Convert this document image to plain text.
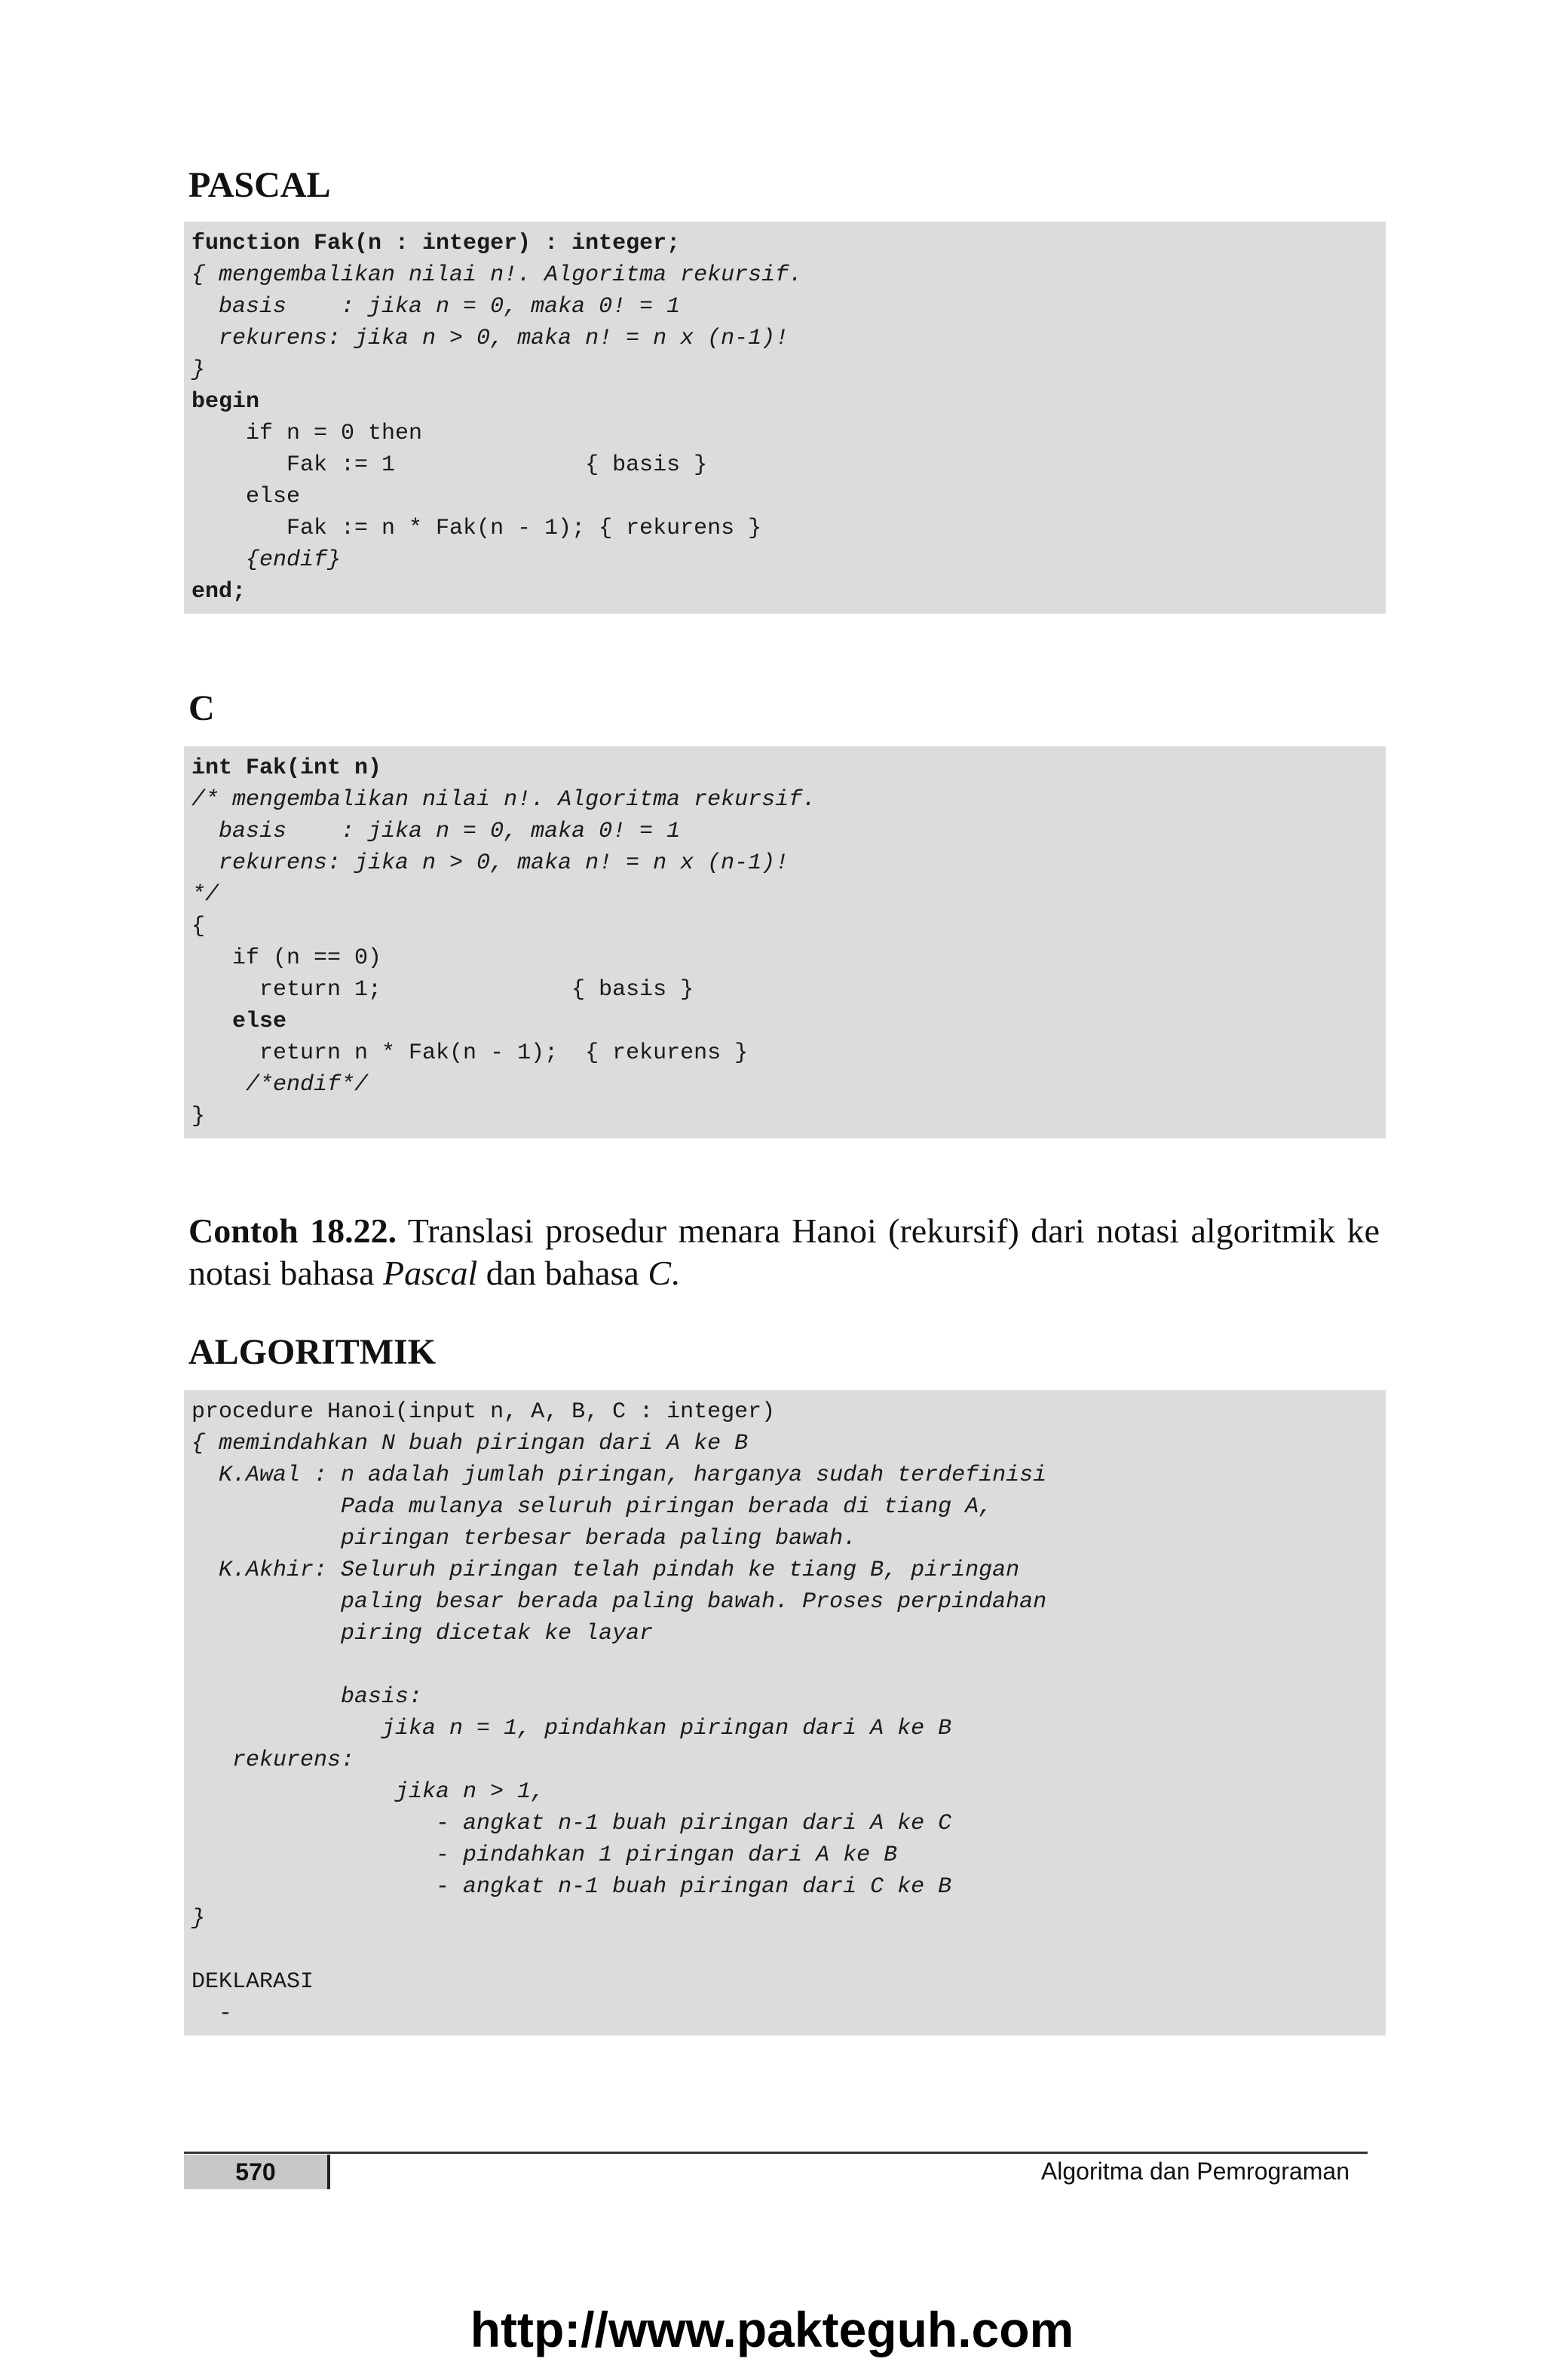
PASCAL
function Fak(n : integer) : integer;
{ mengembalikan nilai n!. Algoritma rekursif.
basis    : jika n = 0, maka 0! = 1
rekurens: jika n > 0, maka n! = n x (n-1)!
}
begin
if n = 0 then
Fak := 1              { basis }
else
Fak := n * Fak(n - 1); { rekurens }
{endif}
end;
C
int Fak(int n)
/* mengembalikan nilai n!. Algoritma rekursif.
basis    : jika n = 0, maka 0! = 1
rekurens: jika n > 0, maka n! = n x (n-1)!
*/
{
if (n == 0)
return 1;              { basis }
else
return n * Fak(n - 1);  { rekurens }
/*endif*/
}

Contoh 18.22. Translasi prosedur menara Hanoi (rekursif) dari notasi algoritmik ke notasi bahasa Pascal dan bahasa C.

ALGORITMIK
procedure Hanoi(input n, A, B, C : integer)
{ memindahkan N buah piringan dari A ke B
K.Awal : n adalah jumlah piringan, harganya sudah terdefinisi
Pada mulanya seluruh piringan berada di tiang A,
piringan terbesar berada paling bawah.
K.Akhir: Seluruh piringan telah pindah ke tiang B, piringan
paling besar berada paling bawah. Proses perpindahan
piring dicetak ke layar
basis:
jika n = 1, pindahkan piringan dari A ke B
rekurens:
jika n > 1,
- angkat n-1 buah piringan dari A ke C
- pindahkan 1 piringan dari A ke B
- angkat n-1 buah piringan dari C ke B
}
DEKLARASI
-
570	Algoritma dan Pemrograman
http://www.pakteguh.com
